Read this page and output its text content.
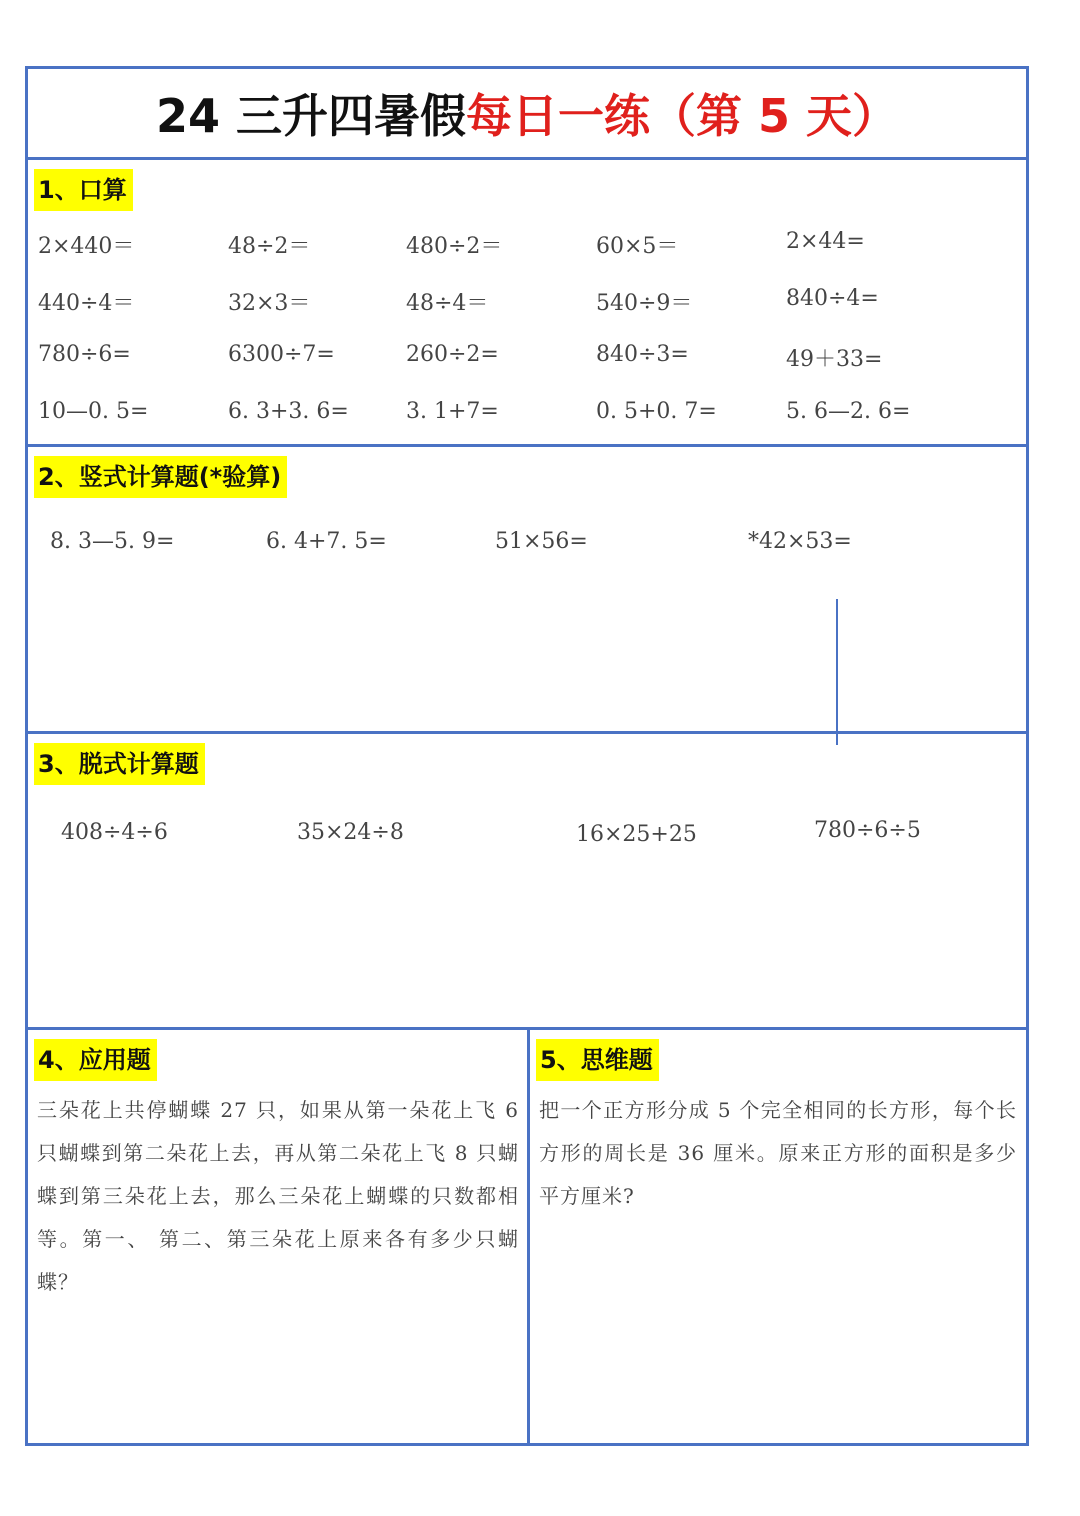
24 三升四暑假 每日一练（第 5 天）
1、口算
2×440＝	48÷2＝	480÷2＝	60×5＝	2×44=
440÷4＝	32×3＝	48÷4＝	540÷9＝	840÷4=
780÷6=	6300÷7=	260÷2=	840÷3=	49＋33=
10—0. 5=	6. 3+3. 6=	3. 1+7=	0. 5+0. 7=	5. 6—2. 6=
2、竖式计算题(*验算)
8. 3—5. 9=	6. 4+7. 5=	51×56=	*42×53=
3、脱式计算题
408÷4÷6	35×24÷8	16×25+25	780÷6÷5
4、应用题
三朵花上共停蝴蝶 27 只，如果从第一朵花上飞 6 只蝴蝶到第二朵花上去，再从第二朵花上飞 8 只蝴蝶到第三朵花上去，那么三朵花上蝴蝶的只数都相等。第一、 第二、第三朵花上原来各有多少只蝴蝶？
5、思维题
把一个正方形分成 5 个完全相同的长方形，每个长方形的周长是 36 厘米。原来正方形的面积是多少平方厘米?
